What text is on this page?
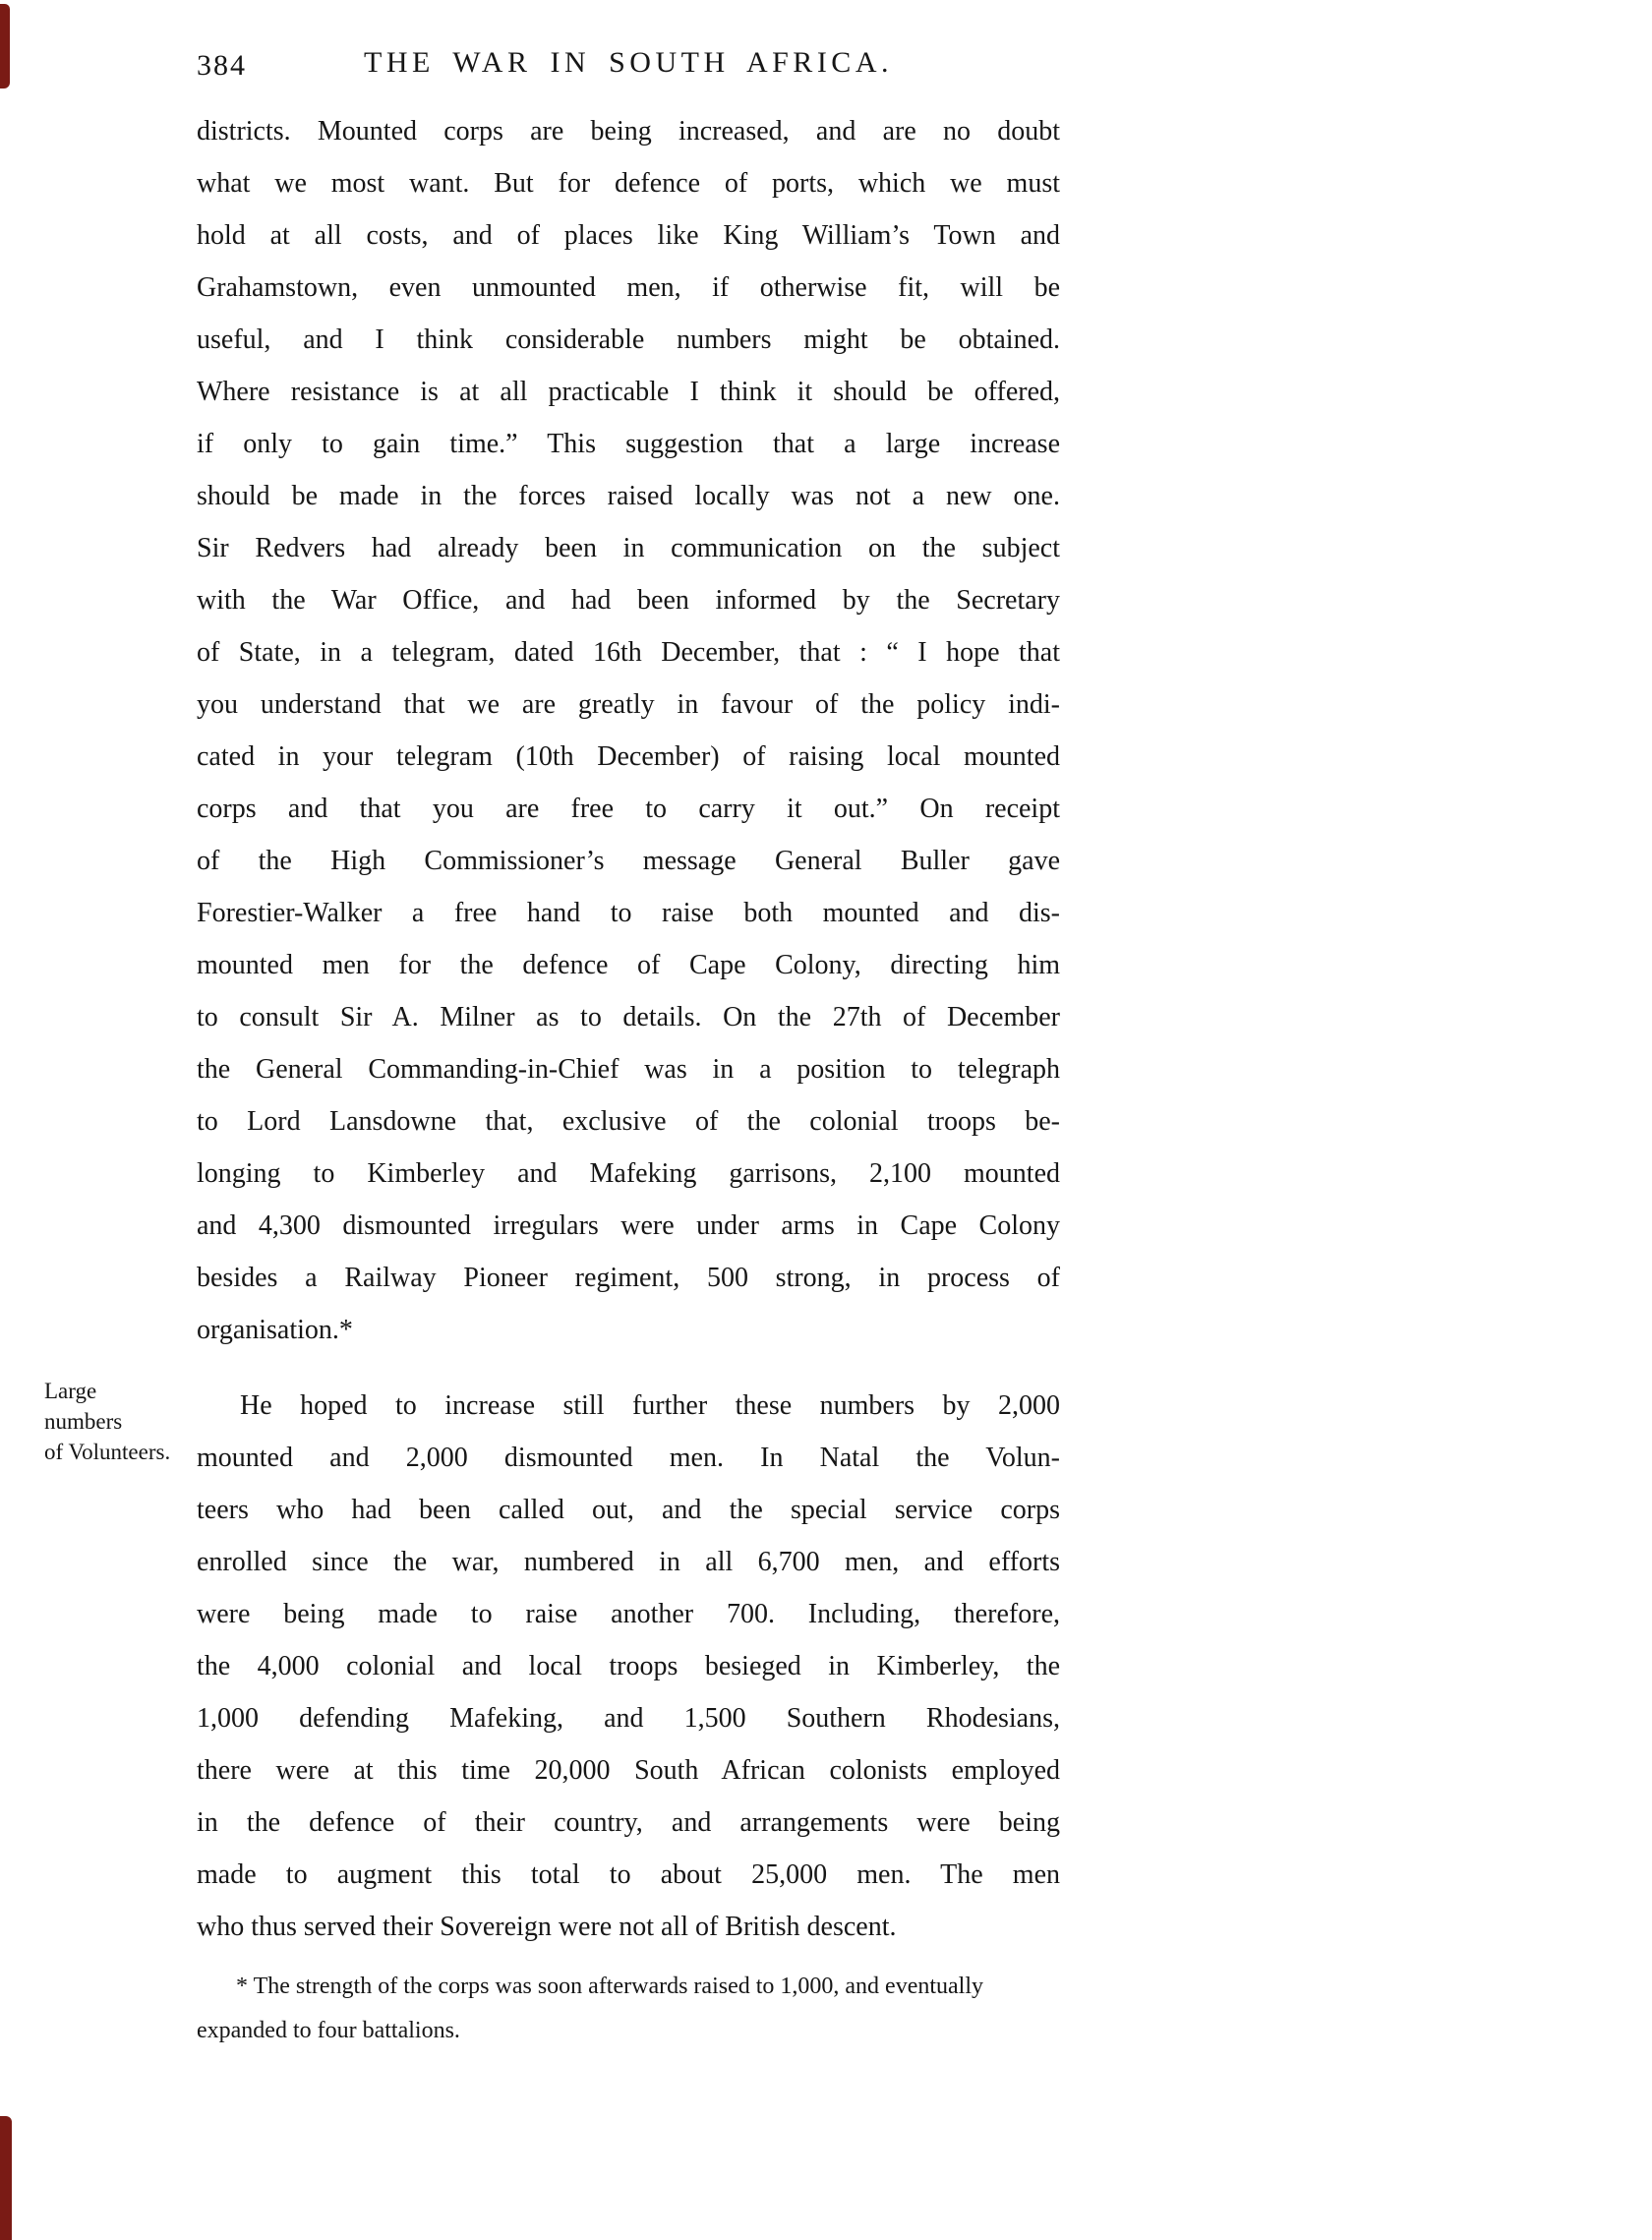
Large
numbers
of Volunteers.
384	THE WAR IN SOUTH AFRICA.
districts. Mounted corps are being increased, and are no doubt
what we most want. But for defence of ports, which we must
hold at all costs, and of places like King William’s Town and
Grahamstown, even unmounted men, if otherwise fit, will be
useful, and I think considerable numbers might be obtained.
Where resistance is at all practicable I think it should be offered,
if only to gain time.” This suggestion that a large increase
should be made in the forces raised locally was not a new one.
Sir Redvers had already been in communication on the subject
with the War Office, and had been informed by the Secretary
of State, in a telegram, dated 16th December, that : “ I hope that
you understand that we are greatly in favour of the policy indi-
cated in your telegram (10th December) of raising local mounted
corps and that you are free to carry it out.” On receipt
of the High Commissioner’s message General Buller gave
Forestier-Walker a free hand to raise both mounted and dis-
mounted men for the defence of Cape Colony, directing him
to consult Sir A. Milner as to details. On the 27th of December
the General Commanding-in-Chief was in a position to telegraph
to Lord Lansdowne that, exclusive of the colonial troops be-
longing to Kimberley and Mafeking garrisons, 2,100 mounted
and 4,300 dismounted irregulars were under arms in Cape Colony
besides a Railway Pioneer regiment, 500 strong, in process of
organisation.*
He hoped to increase still further these numbers by 2,000
mounted and 2,000 dismounted men. In Natal the Volun-
teers who had been called out, and the special service corps
enrolled since the war, numbered in all 6,700 men, and efforts
were being made to raise another 700. Including, therefore,
the 4,000 colonial and local troops besieged in Kimberley, the
1,000 defending Mafeking, and 1,500 Southern Rhodesians,
there were at this time 20,000 South African colonists employed
in the defence of their country, and arrangements were being
made to augment this total to about 25,000 men. The men
who thus served their Sovereign were not all of British descent.
* The strength of the corps was soon afterwards raised to 1,000, and eventually
expanded to four battalions.
